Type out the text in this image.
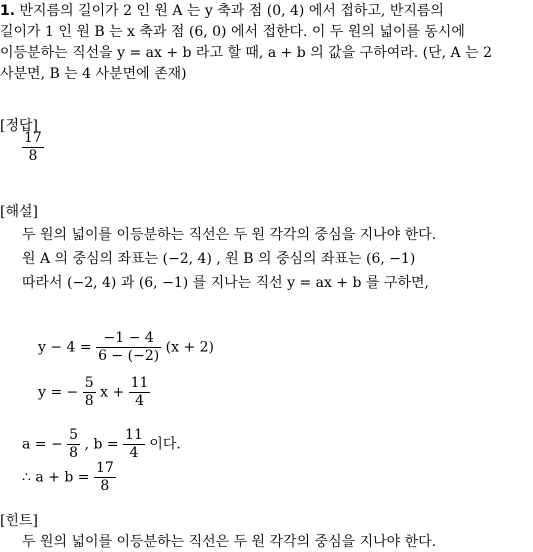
1. 반지름의 길이가 2 인 원 A 는 y 축과 점 (0, 4) 에서 접하고, 반지름의
길이가 1 인 원 B 는 x 축과 점 (6, 0) 에서 접한다. 이 두 원의 넓이를 동시에
이등분하는 직선을 y = ax + b 라고 할 때, a + b 의 값을 구하여라. (단, A 는 2
사분면, B 는 4 사분면에 존재)
[정답]
$\frac{17}{8}$
[해설]
두 원의 넓이를 이등분하는 직선은 두 원 각각의 중심을 지나야 한다.
원 A 의 중심의 좌표는 (−2, 4) , 원 B 의 중심의 좌표는 (6, −1)
따라서 (−2, 4) 과 (6, −1) 를 지나는 직선 y = ax + b 를 구하면,
$y - 4 = \frac{-1 - 4}{6 - (-2)} (x + 2)$
y = − $\frac{5}{8}$ $x + \frac{11}{4}$
a = − $\frac{5}{8}$ , $b = \frac{11}{4}$ 이다.
∴ $a + b = \frac{17}{8}$
[힌트]
두 원의 넓이를 이등분하는 직선은 두 원 각각의 중심을 지나야 한다.
